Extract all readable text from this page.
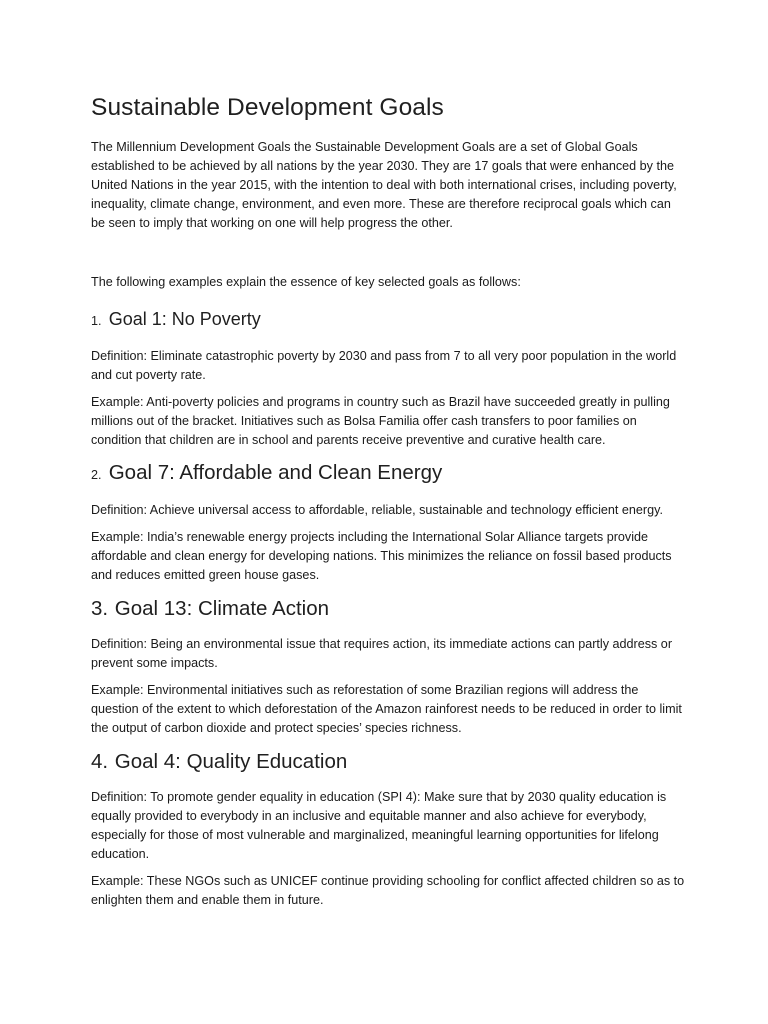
Sustainable Development Goals

The Millennium Development Goals the Sustainable Development Goals are a set of Global Goals established to be achieved by all nations by the year 2030. They are 17 goals that were enhanced by the United Nations in the year 2015, with the intention to deal with both international crises, including poverty, inequality, climate change, environment, and even more. These are therefore reciprocal goals which can be seen to imply that working on one will help progress the other.

The following examples explain the essence of key selected goals as follows:

1. Goal 1: No Poverty

Definition: Eliminate catastrophic poverty by 2030 and pass from 7 to all very poor population in the world and cut poverty rate.

Example: Anti-poverty policies and programs in country such as Brazil have succeeded greatly in pulling millions out of the bracket. Initiatives such as Bolsa Familia offer cash transfers to poor families on condition that children are in school and parents receive preventive and curative health care.

2. Goal 7: Affordable and Clean Energy

Definition: Achieve universal access to affordable, reliable, sustainable and technology efficient energy.

Example: India’s renewable energy projects including the International Solar Alliance targets provide affordable and clean energy for developing nations. This minimizes the reliance on fossil based products and reduces emitted green house gases.

3. Goal 13: Climate Action

Definition: Being an environmental issue that requires action, its immediate actions can partly address or prevent some impacts.

Example: Environmental initiatives such as reforestation of some Brazilian regions will address the question of the extent to which deforestation of the Amazon rainforest needs to be reduced in order to limit the output of carbon dioxide and protect species’ species richness.

4. Goal 4: Quality Education

Definition: To promote gender equality in education (SPI 4): Make sure that by 2030 quality education is equally provided to everybody in an inclusive and equitable manner and also achieve for everybody, especially for those of most vulnerable and marginalized, meaningful learning opportunities for lifelong education.

Example: These NGOs such as UNICEF continue providing schooling for conflict affected children so as to enlighten them and enable them in future.
